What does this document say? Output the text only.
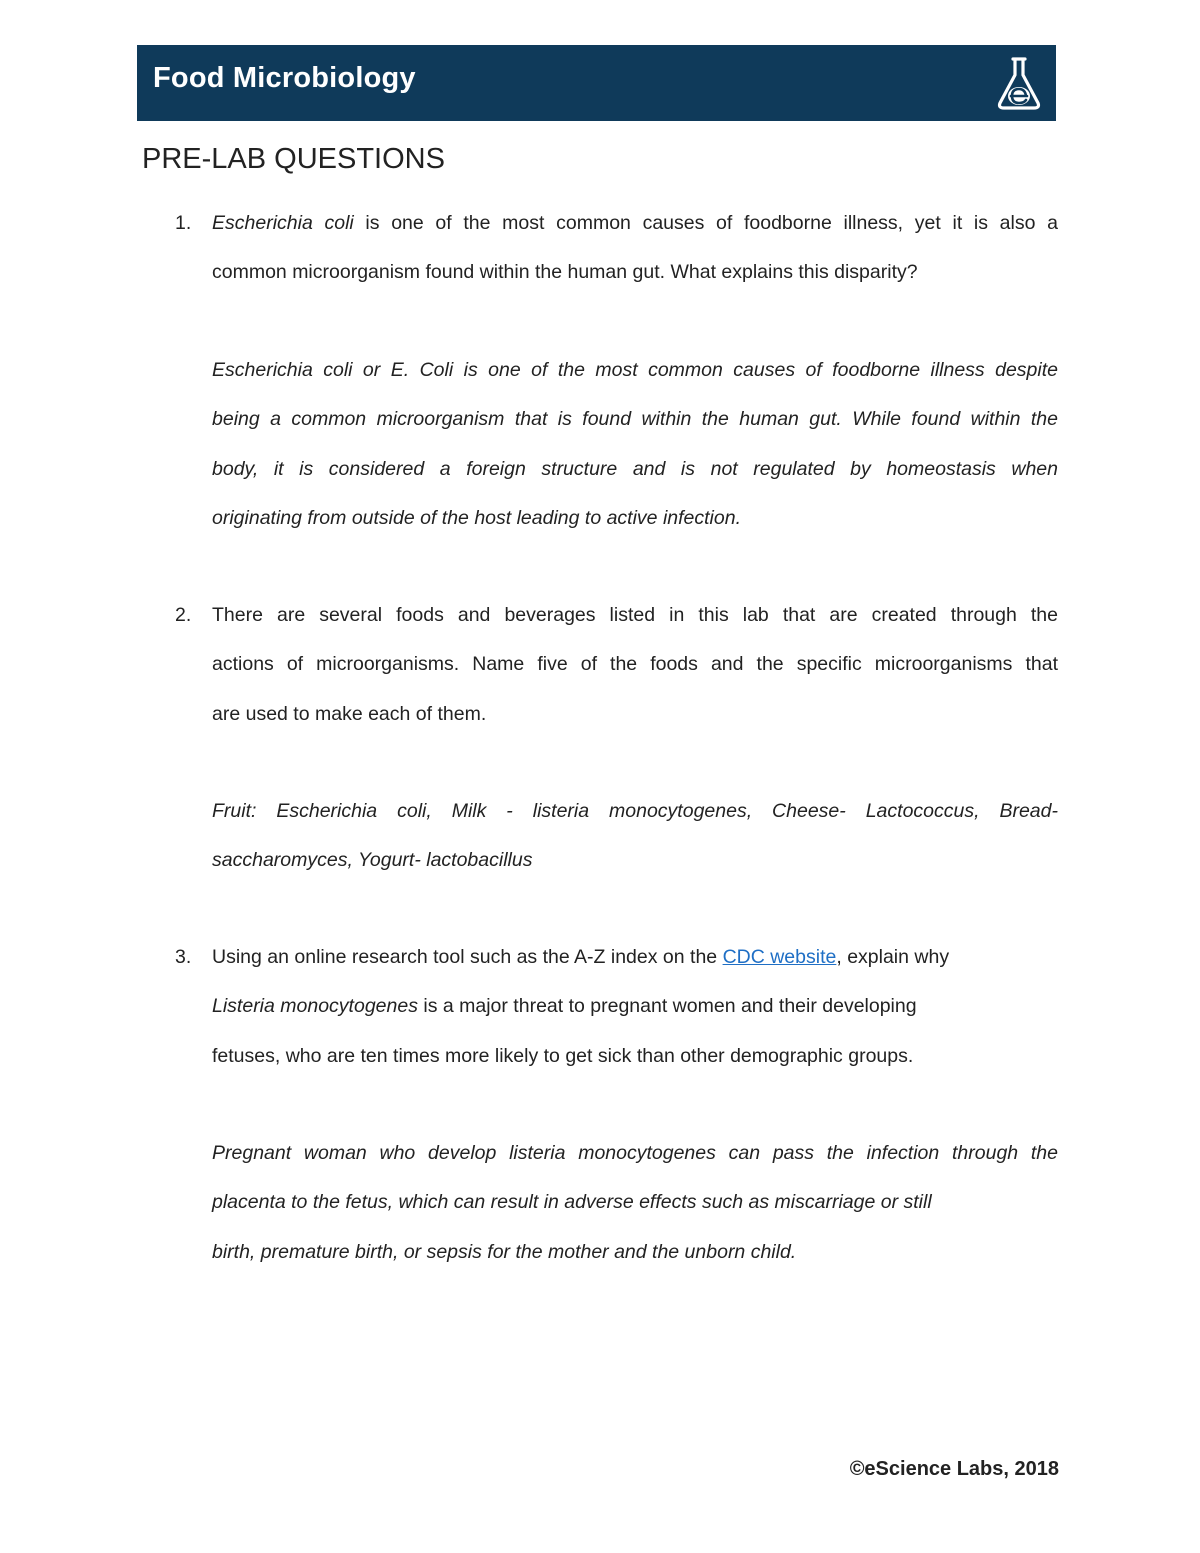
Food Microbiology
PRE-LAB QUESTIONS
1. Escherichia coli is one of the most common causes of foodborne illness, yet it is also a
common microorganism found within the human gut. What explains this disparity?
Escherichia coli or E. Coli is one of the most common causes of foodborne illness despite
being a common microorganism that is found within the human gut. While found within the
body, it is considered a foreign structure and is not regulated by homeostasis when
originating from outside of the host leading to active infection.
2. There are several foods and beverages listed in this lab that are created through the
actions of microorganisms. Name five of the foods and the specific microorganisms that
are used to make each of them.
Fruit: Escherichia coli, Milk - listeria monocytogenes, Cheese- Lactococcus, Bread-
saccharomyces, Yogurt- lactobacillus
3. Using an online research tool such as the A-Z index on the CDC website, explain why
Listeria monocytogenes is a major threat to pregnant women and their developing
fetuses, who are ten times more likely to get sick than other demographic groups.
Pregnant woman who develop listeria monocytogenes can pass the infection through the
placenta to the fetus, which can result in adverse effects such as miscarriage or still
birth, premature birth, or sepsis for the mother and the unborn child.
©eScience Labs, 2018
